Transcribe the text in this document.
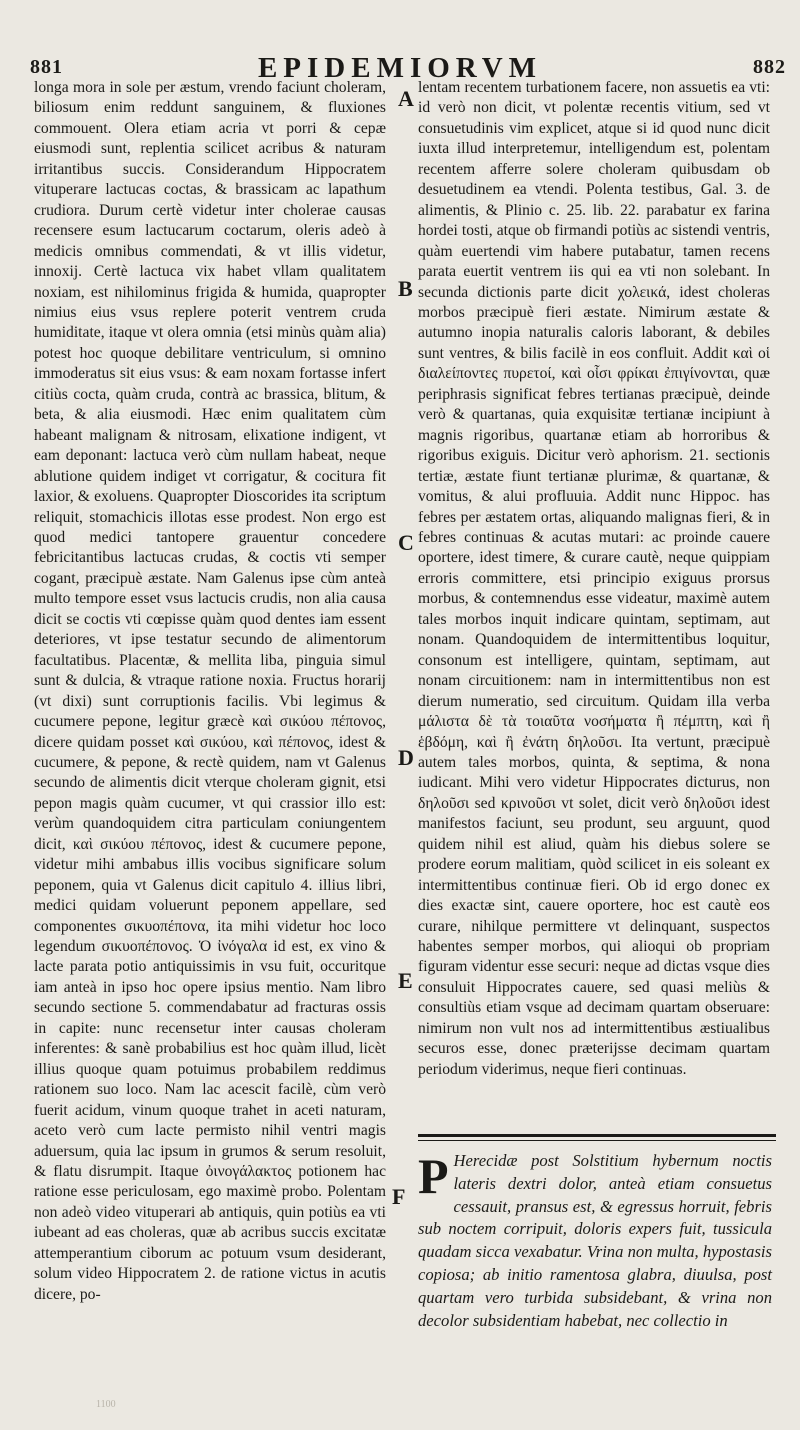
881	EPIDEMIORVM	882

longa mora in sole per æstum, vrendo faciunt choleram, biliosum enim reddunt sanguinem, & fluxiones commouent. Olera etiam acria vt porri & cepæ eiusmodi sunt, replentia scilicet acribus & naturam irritantibus succis. Considerandum Hippocratem vituperare lactucas coctas, & brassicam ac lapathum crudiora. Durum certè videtur inter cholerae causas recensere esum lactucarum coctarum, oleris adeò à medicis omnibus commendati, & vt illis videtur, innoxij. Certè lactuca vix habet vllam qualitatem noxiam, est nihilominus frigida & humida, quapropter nimius eius vsus replere poterit ventrem cruda humiditate, itaque vt olera omnia (etsi minùs quàm alia) potest hoc quoque debilitare ventriculum, si omnino immoderatus sit eius vsus: & eam noxam fortasse infert citiùs cocta, quàm cruda, contrà ac brassica, blitum, & beta, & alia eiusmodi. Hæc enim qualitatem cùm habeant malignam & nitrosam, elixatione indigent, vt eam deponant: lactuca verò cùm nullam habeat, neque ablutione quidem indiget vt corrigatur, & cocitura fit laxior, & exoluens. Quapropter Dioscorides ita scriptum reliquit, stomachicis illotas esse prodest. Non ergo est quod medici tantopere grauentur concedere febricitantibus lactucas crudas, & coctis vti semper cogant, præcipuè æstate. Nam Galenus ipse cùm anteà multo tempore esset vsus lactucis crudis, non alia causa dicit se coctis vti cœpisse quàm quod dentes iam essent deteriores, vt ipse testatur secundo de alimentorum facultatibus. Placentæ, & mellita liba, pinguia simul sunt & dulcia, & vtraque ratione noxia. Fructus horarij (vt dixi) sunt corruptionis facilis. Vbi legimus & cucumere pepone, legitur græcè καὶ σικύου πέπονος, dicere quidam posset καὶ σικύου, καὶ πέπονος, idest & cucumere, & pepone, & rectè quidem, nam vt Galenus secundo de alimentis dicit vterque choleram gignit, etsi pepon magis quàm cucumer, vt qui crassior illo est: verùm quandoquidem citra particulam coniungentem dicit, καὶ σικύου πέπονος, idest & cucumere pepone, videtur mihi ambabus illis vocibus significare solum peponem, quia vt Galenus dicit capitulo 4. illius libri, medici quidam voluerunt peponem appellare, sed componentes σικυοπέπονα, ita mihi videtur hoc loco legendum σικυοπέπονος. Ὁ ἰνόγαλα id est, ex vino & lacte parata potio antiquissimis in vsu fuit, occuritque iam anteà in ipso hoc opere ipsius mentio. Nam libro secundo sectione 5. commendabatur ad fracturas ossis in capite: nunc recensetur inter causas choleram inferentes: & sanè probabilius est hoc quàm illud, licèt illius quoque quam potuimus probabilem reddimus rationem suo loco. Nam lac acescit facilè, cùm verò fuerit acidum, vinum quoque trahet in aceti naturam, aceto verò cum lacte permisto nihil ventri magis aduersum, quia lac ipsum in grumos & serum resoluit, & flatu disrumpit. Itaque ὀινογάλακτος potionem hac ratione esse periculosam, ego maximè probo. Polentam non adeò video vituperari ab antiquis, quin potiùs ea vti iubeant ad eas choleras, quæ ab acribus succis excitatæ attemperantium ciborum ac potuum vsum desiderant, solum video Hippocratem 2. de ratione victus in acutis dicere, po-

A
B
C
D
E
F

lentam recentem turbationem facere, non assuetis ea vti: id verò non dicit, vt polentæ recentis vitium, sed vt consuetudinis vim explicet, atque si id quod nunc dicit iuxta illud interpretemur, intelligendum est, polentam recentem afferre solere choleram quibusdam ob desuetudinem ea vtendi. Polenta testibus, Gal. 3. de alimentis, & Plinio c. 25. lib. 22. parabatur ex farina hordei tosti, atque ob firmandi potiùs ac sistendi ventris, quàm euertendi vim habere putabatur, tamen recens parata euertit ventrem iis qui ea vti non solebant. In secunda dictionis parte dicit χολεικά, idest choleras morbos præcipuè fieri æstate. Nimirum æstate & autumno inopia naturalis caloris laborant, & debiles sunt ventres, & bilis facilè in eos confluit. Addit καὶ οἱ διαλείποντες πυρετοί, καὶ οἷσι φρίκαι ἐπιγίνονται, quæ periphrasis significat febres tertianas præcipuè, deinde verò & quartanas, quia exquisitæ tertianæ incipiunt à magnis rigoribus, quartanæ etiam ab horroribus & rigoribus exiguis. Dicitur verò aphorism. 21. sectionis tertiæ, æstate fiunt tertianæ plurimæ, & quartanæ, & vomitus, & alui profluuia. Addit nunc Hippoc. has febres per æstatem ortas, aliquando malignas fieri, & in febres continuas & acutas mutari: ac proinde cauere oportere, idest timere, & curare cautè, neque quippiam erroris committere, etsi principio exiguus prorsus morbus, & contemnendus esse videatur, maximè autem tales morbos inquit indicare quintam, septimam, aut nonam. Quandoquidem de intermittentibus loquitur, consonum est intelligere, quintam, septimam, aut nonam circuitionem: nam in intermittentibus non est dierum numeratio, sed circuitum. Quidam illa verba μάλιστα δὲ τὰ τοιαῦτα νοσήματα ἢ πέμπτη, καὶ ἢ ἑβδόμη, καὶ ἢ ἐνάτη δηλοῦσι. Ita vertunt, præcipuè autem tales morbos, quinta, & septima, & nona iudicant. Mihi vero videtur Hippocrates dicturus, non δηλοῦσι sed κρινοῦσι vt solet, dicit verò δηλοῦσι idest manifestos faciunt, seu produnt, seu arguunt, quod quidem nihil est aliud, quàm his diebus solere se prodere eorum malitiam, quòd scilicet in eis soleant ex intermittentibus continuæ fieri. Ob id ergo donec ex dies exactæ sint, cauere oportere, hoc est cautè eos curare, nihilque permittere vt delinquant, suspectos habentes semper morbos, qui alioqui ob propriam figuram videntur esse securi: neque ad dictas vsque dies consuluit Hippocrates cauere, sed quasi meliùs & consultiùs etiam vsque ad decimam quartam obseruare: nimirum non vult nos ad intermittentibus æstiualibus securos esse, donec præterijsse decimam quartam periodum viderimus, neque fieri continuas.

P Herecidæ post Solstitium hybernum noctis lateris dextri dolor, anteà etiam consuetus cessauit, pransus est, & egressus horruit, febris sub noctem corripuit, doloris expers fuit, tussicula quadam sicca vexabatur. Vrina non multa, hypostasis copiosa; ab initio ramentosa glabra, diuulsa, post quartam vero turbida subsidebant, & vrina non decolor subsidentiam habebat, nec collectio in

1100
